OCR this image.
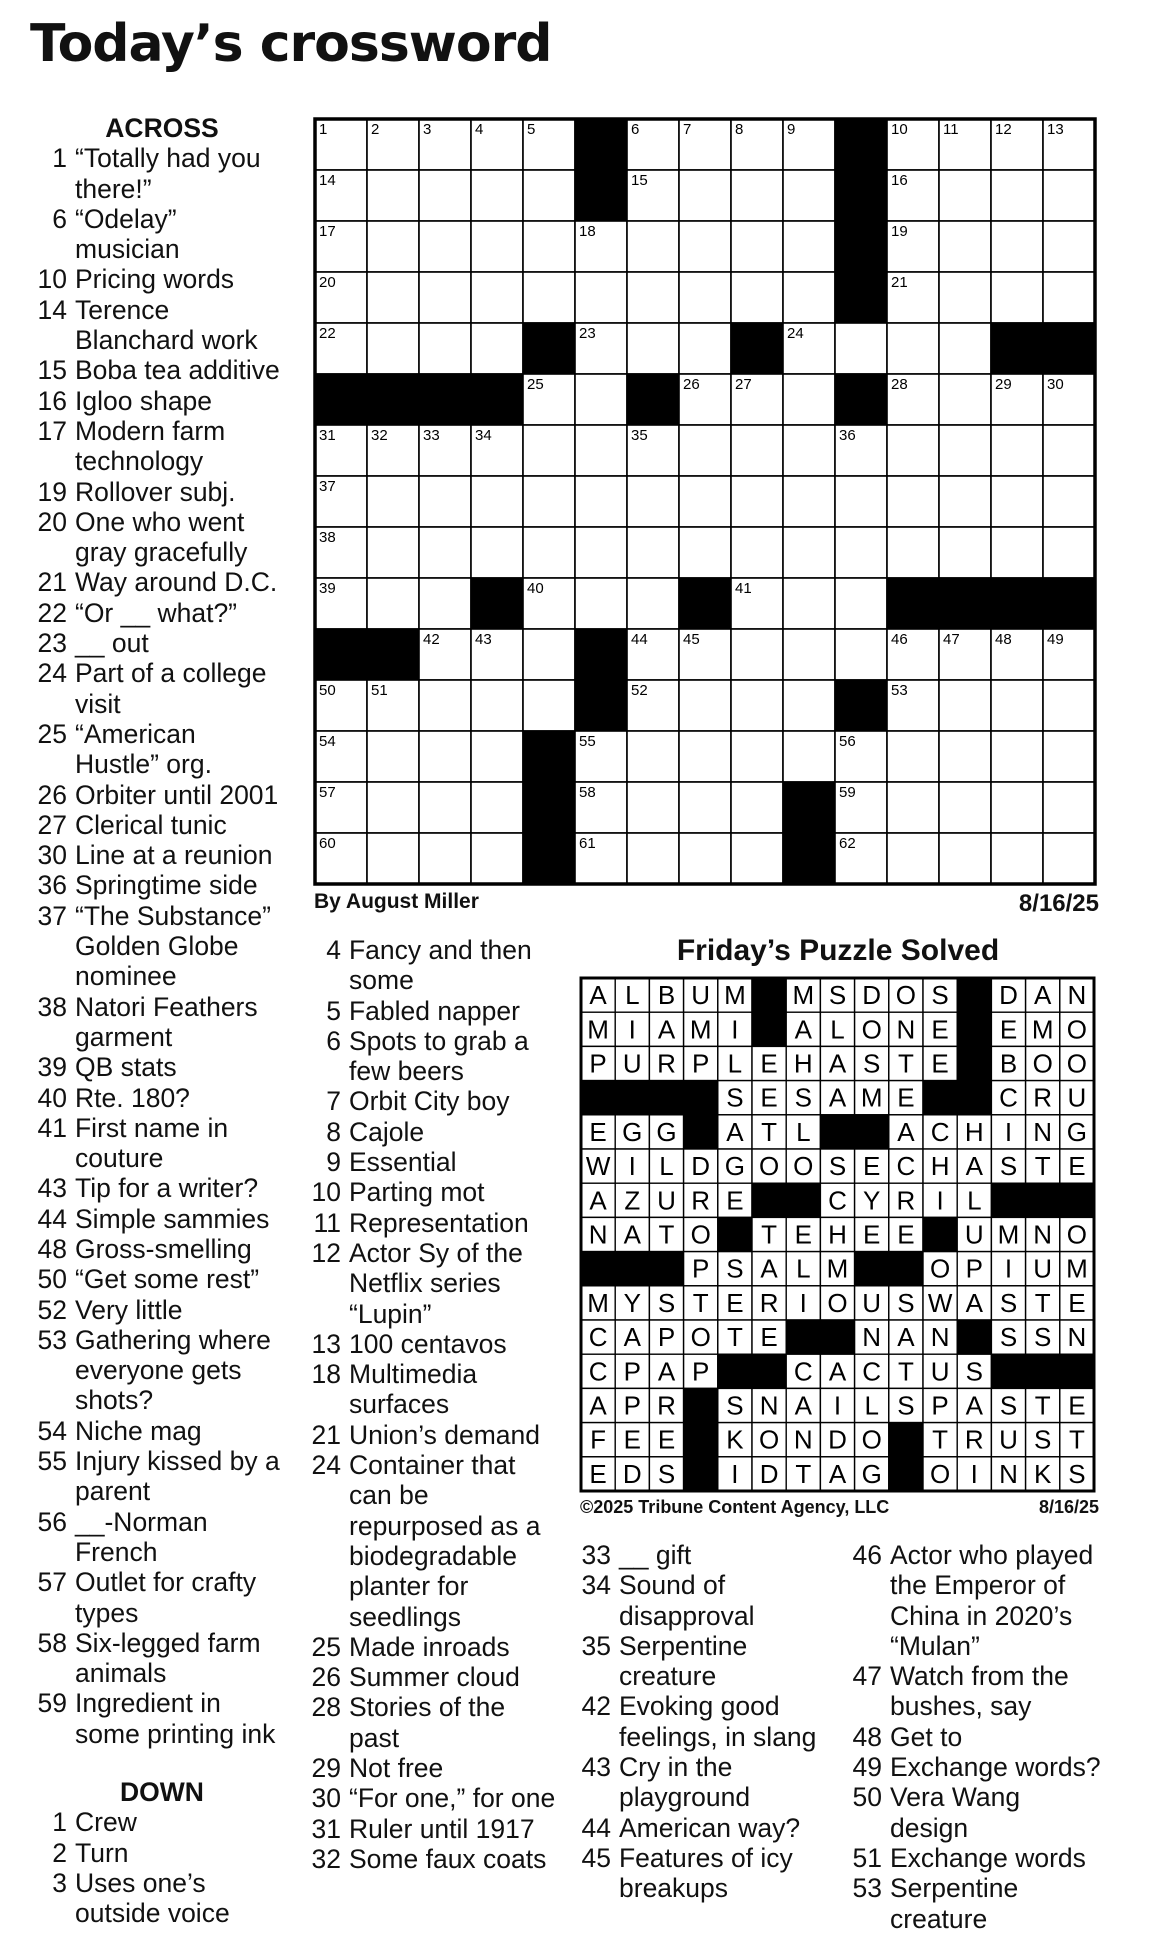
Today’s crossword
ACROSS
1 “Totally had you there!”
6 “Odelay” musician
10 Pricing words
14 Terence Blanchard work
15 Boba tea additive
16 Igloo shape
17 Modern farm technology
19 Rollover subj.
20 One who went gray gracefully
21 Way around D.C.
22 “Or __ what?”
23 __ out
24 Part of a college visit
25 “American Hustle” org.
26 Orbiter until 2001
27 Clerical tunic
30 Line at a reunion
36 Springtime side
37 “The Substance” Golden Globe nominee
38 Natori Feathers garment
39 QB stats
40 Rte. 180?
41 First name in couture
43 Tip for a writer?
44 Simple sammies
48 Gross-smelling
50 “Get some rest”
52 Very little
53 Gathering where everyone gets shots?
54 Niche mag
55 Injury kissed by a parent
56 __-Norman French
57 Outlet for crafty types
58 Six-legged farm animals
59 Ingredient in some printing ink
DOWN
1 Crew
2 Turn
3 Uses one’s outside voice
1	2	3	4	5	6	7	8	9	10 11 12 13
14	15	16
17	18	19
20	21
22	23	24
25	26 27	28	29 30
31 32 33 34	35	36
37
38
39	40	41
42 43	44 45	46 47 48 49
50 51	52	53
54	55	56
57	58	59
60	61	62
By August Miller	8/16/25
4 Fancy and then some
5 Fabled napper
6 Spots to grab a few beers
7 Orbit City boy
8 Cajole
9 Essential
10 Parting mot
11 Representation
12 Actor Sy of the Netflix series “Lupin”
13 100 centavos
18 Multimedia surfaces
21 Union’s demand
24 Container that can be repurposed as a biodegradable planter for seedlings
25 Made inroads
26 Summer cloud
28 Stories of the past
29 Not free
30 “For one,” for one
31 Ruler until 1917
32 Some faux coats
Friday’s Puzzle Solved
A L B U M M S D O S D A N
M I A M I A L O N E E M O
P U R P L E H A S T E B O O
S E S A M E	C R U
E G G A T L	A C H I N G
W I L D G O O S E C H A S T E
A Z U R E	C Y R I L
N A T O T E H E E U M N O
P S A L M	O P I U M
M Y S T E R I O U S W A S T E
C A P O T E	N A N S S N
C P A P	C A C T U S
A P R S N A I L S P A S T E
F E E K O N D O T R U S T
E D S I D T A G O I N K S
©2025 Tribune Content Agency, LLC	8/16/25
33 __ gift
34 Sound of disapproval
35 Serpentine creature
42 Evoking good feelings, in slang
43 Cry in the playground
44 American way?
45 Features of icy breakups
46 Actor who played the Emperor of China in 2020’s “Mulan”
47 Watch from the bushes, say
48 Get to
49 Exchange words?
50 Vera Wang design
51 Exchange words
53 Serpentine creature
